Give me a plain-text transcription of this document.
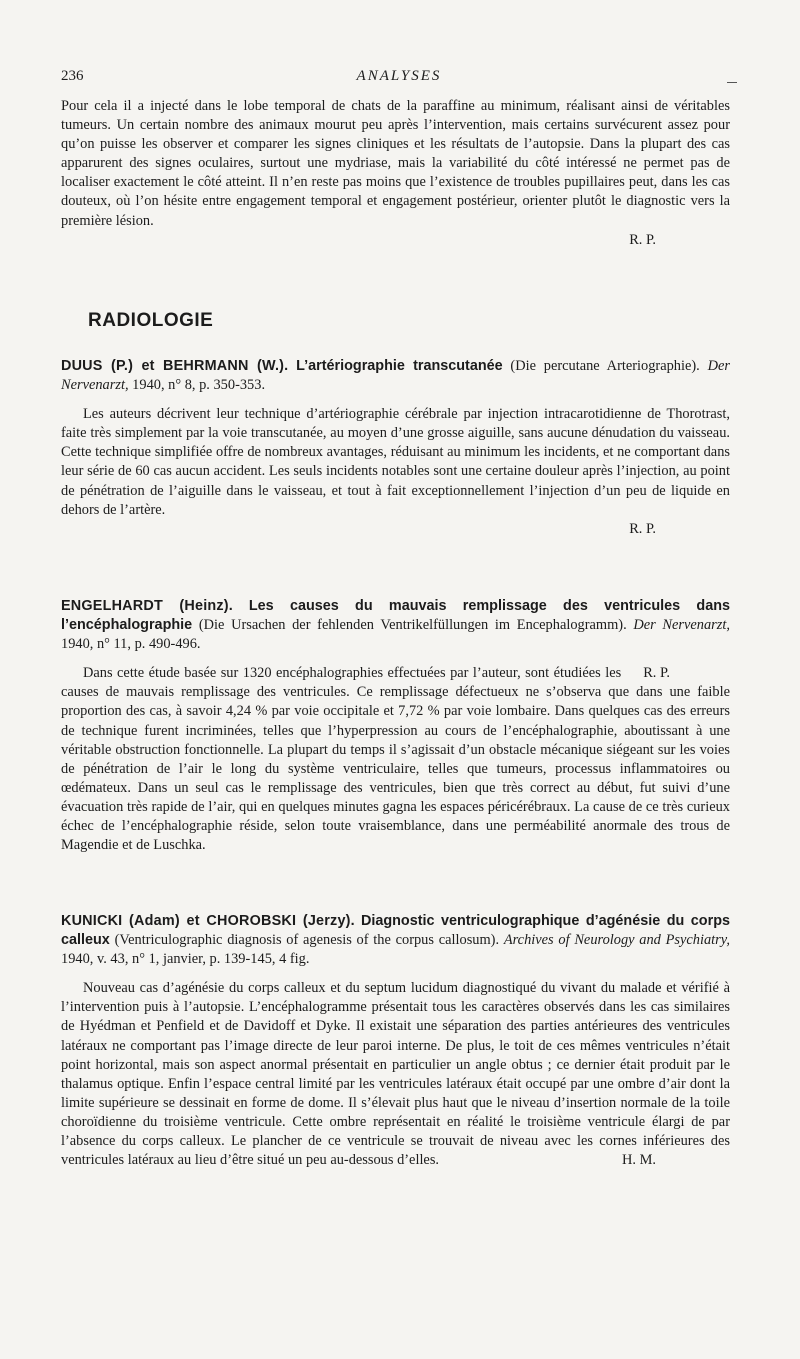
236	ANALYSES

Pour cela il a injecté dans le lobe temporal de chats de la paraffine au minimum, réalisant ainsi de véritables tumeurs. Un certain nombre des animaux mourut peu après l’intervention, mais certains survécurent assez pour qu’on puisse les observer et comparer les signes cliniques et les résultats de l’autopsie. Dans la plupart des cas apparurent des signes oculaires, surtout une mydriase, mais la variabilité du côté intéressé ne permet pas de localiser exactement le côté atteint. Il n’en reste pas moins que l’existence de troubles pupillaires peut, dans les cas douteux, où l’on hésite entre engagement temporal et engagement postérieur, orienter plutôt le diagnostic vers la première lésion.

R. P.
RADIOLOGIE
DUUS (P.) et BEHRMANN (W.). L’artériographie transcutanée (Die percutane Arteriographie). Der Nervenarzt, 1940, n° 8, p. 350-353.

Les auteurs décrivent leur technique d’artériographie cérébrale par injection intracarotidienne de Thorotrast, faite très simplement par la voie transcutanée, au moyen d’une grosse aiguille, sans aucune dénudation du vaisseau. Cette technique simplifiée offre de nombreux avantages, réduisant au minimum les incidents, et ne comportant dans leur série de 60 cas aucun accident. Les seuls incidents notables sont une certaine douleur après l’injection, au point de pénétration de l’aiguille dans le vaisseau, et tout à fait exceptionnellement l’injection d’un peu de liquide en dehors de l’artère.

R. P.
ENGELHARDT (Heinz). Les causes du mauvais remplissage des ventricules dans l’encéphalographie (Die Ursachen der fehlenden Ventrikelfüllungen im Encephalogramm). Der Nervenarzt, 1940, n° 11, p. 490-496.

R. P.
Dans cette étude basée sur 1320 encéphalographies effectuées par l’auteur, sont étudiées les causes de mauvais remplissage des ventricules. Ce remplissage défectueux ne s’observa que dans une faible proportion des cas, à savoir 4,24 % par voie occipitale et 7,72 % par voie lombaire. Dans quelques cas des erreurs de technique furent incriminées, telles que l’hyperpression au cours de l’encéphalographie, aboutissant à une véritable obstruction fonctionnelle. La plupart du temps il s’agissait d’un obstacle mécanique siégeant sur les voies de pénétration de l’air le long du système ventriculaire, telles que tumeurs, processus inflammatoires ou œdémateux. Dans un seul cas le remplissage des ventricules, bien que très correct au début, fut suivi d’une évacuation très rapide de l’air, qui en quelques minutes gagna les espaces péricérébraux. La cause de ce très curieux échec de l’encéphalographie réside, selon toute vraisemblance, dans une perméabilité anormale des trous de Magendie et de Luschka.

KUNICKI (Adam) et CHOROBSKI (Jerzy). Diagnostic ventriculographique d’agénésie du corps calleux (Ventriculographic diagnosis of agenesis of the corpus callosum). Archives of Neurology and Psychiatry, 1940, v. 43, n° 1, janvier, p. 139-145, 4 fig.

Nouveau cas d’agénésie du corps calleux et du septum lucidum diagnostiqué du vivant du malade et vérifié à l’intervention puis à l’autopsie. L’encéphalogramme présentait tous les caractères observés dans les cas similaires de Hyédman et Penfield et de Davidoff et Dyke. Il existait une séparation des parties antérieures des ventricules latéraux ne comportant pas l’image directe de leur paroi interne. De plus, le toit de ces mêmes ventricules n’était point horizontal, mais son aspect anormal présentait en particulier un angle obtus ; ce dernier était produit par le thalamus optique. Enfin l’espace central limité par les ventricules latéraux était occupé par une ombre d’air dont la limite supérieure se dessinait en forme de dome. Il s’élevait plus haut que le niveau d’insertion normale de la toile choroïdienne du troisième ventricule. Cette ombre représentait en réalité le troisième ventricule élargi de par l’absence du corps calleux. Le plancher de ce ventricule se trouvait de niveau avec les cornes inférieures des ventricules latéraux au lieu d’être situé un peu au-dessous d’elles.	H. M.
